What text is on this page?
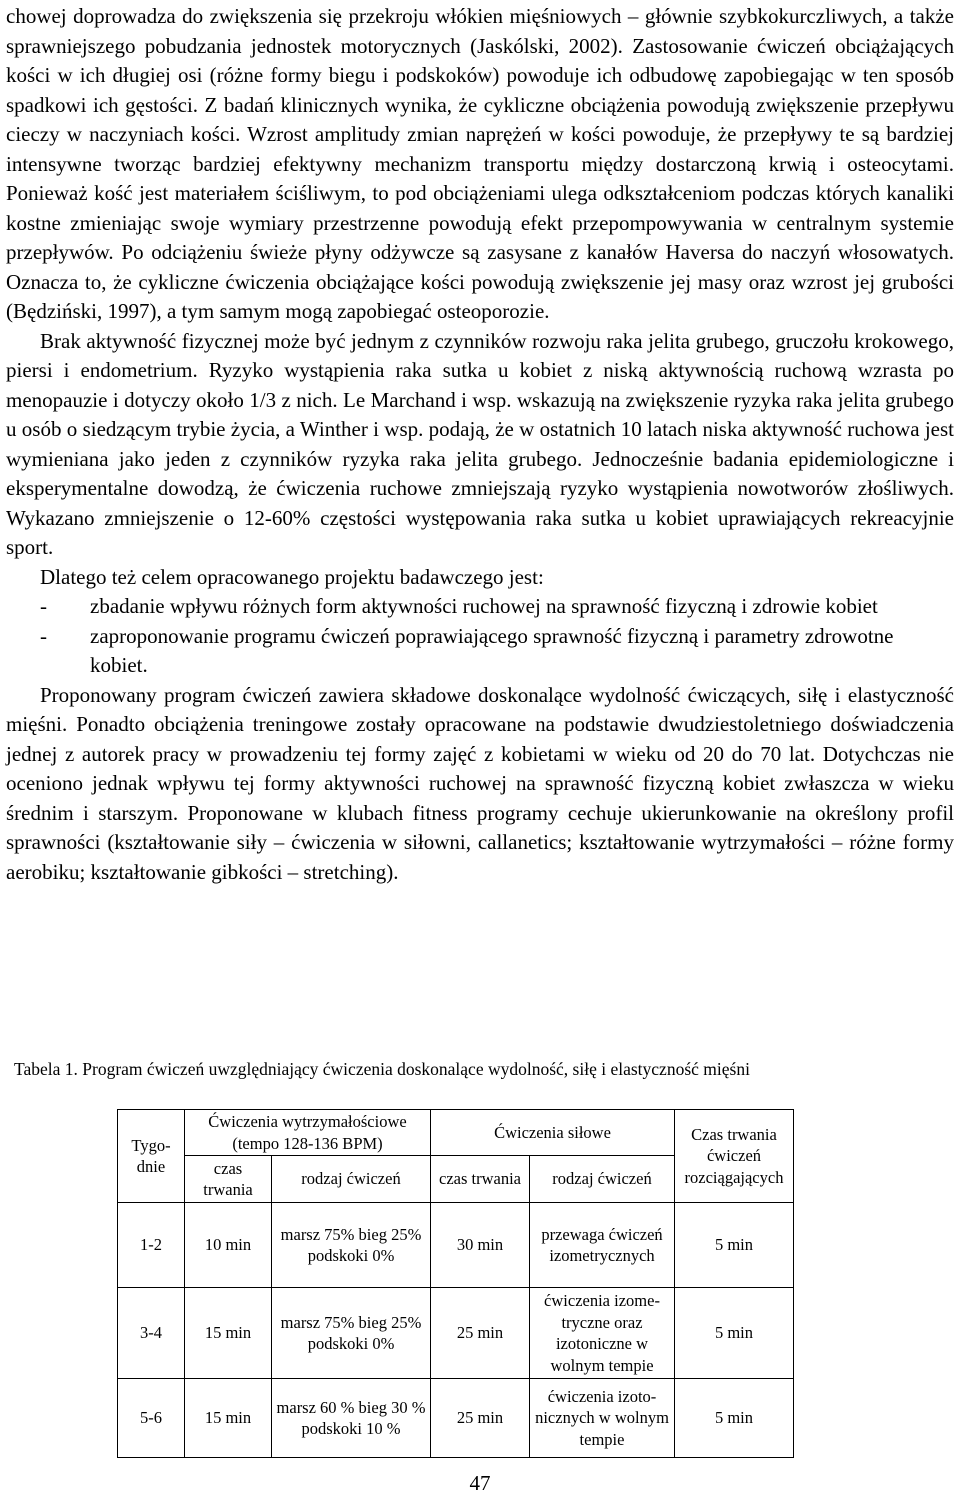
chowej doprowadza do zwiększenia się przekroju włókien mięśniowych – głównie szybkokurczliwych, a także sprawniejszego pobudzania jednostek motorycznych (Jaskólski, 2002). Zastosowanie ćwiczeń obciążających kości w ich długiej osi (różne formy biegu i podskoków) powoduje ich odbudowę zapobiegając w ten sposób spadkowi ich gęstości. Z badań klinicznych wynika, że cykliczne obciążenia powodują zwiększenie przepływu cieczy w naczyniach kości. Wzrost amplitudy zmian naprężeń w kości powoduje, że przepływy te są bardziej intensywne tworząc bardziej efektywny mechanizm transportu między dostarczoną krwią i osteocytami. Ponieważ kość jest materiałem ściśliwym, to pod obciążeniami ulega odkształceniom podczas których kanaliki kostne zmieniając swoje wymiary przestrzenne powodują efekt przepompowywania w centralnym systemie przepływów. Po odciążeniu świeże płyny odżywcze są zasysane z kanałów Haversa do naczyń włosowatych. Oznacza to, że cykliczne ćwiczenia obciążające kości powodują zwiększenie jej masy oraz wzrost jej grubości (Będziński, 1997), a tym samym mogą zapobiegać osteoporozie.

Brak aktywność fizycznej może być jednym z czynników rozwoju raka jelita grubego, gruczołu krokowego, piersi i endometrium. Ryzyko wystąpienia raka sutka u kobiet z niską aktywnością ruchową wzrasta po menopauzie i dotyczy około 1/3 z nich. Le Marchand i wsp. wskazują na zwiększenie ryzyka raka jelita grubego u osób o siedzącym trybie życia, a Winther i wsp. podają, że w ostatnich 10 latach niska aktywność ruchowa jest wymieniana jako jeden z czynników ryzyka raka jelita grubego. Jednocześnie badania epidemiologiczne i eksperymentalne dowodzą, że ćwiczenia ruchowe zmniejszają ryzyko wystąpienia nowotworów złośliwych. Wykazano zmniejszenie o 12-60% częstości występowania raka sutka u kobiet uprawiających rekreacyjnie sport.

Dlatego też celem opracowanego projektu badawczego jest:

- zbadanie wpływu różnych form aktywności ruchowej na sprawność fizyczną i zdrowie kobiet
- zaproponowanie programu ćwiczeń poprawiającego sprawność fizyczną i parametry zdrowotne kobiet.

Proponowany program ćwiczeń zawiera składowe doskonalące wydolność ćwiczących, siłę i elastyczność mięśni. Ponadto obciążenia treningowe zostały opracowane na podstawie dwudziestoletniego doświadczenia jednej z autorek pracy w prowadzeniu tej formy zajęć z kobietami w wieku od 20 do 70 lat. Dotychczas nie oceniono jednak wpływu tej formy aktywności ruchowej na sprawność fizyczną kobiet zwłaszcza w wieku średnim i starszym. Proponowane w klubach fitness programy cechuje ukierunkowanie na określony profil sprawności (kształtowanie siły – ćwiczenia w siłowni, callanetics; kształtowanie wytrzymałości – różne formy aerobiku; kształtowanie gibkości – stretching).

Tabela 1. Program ćwiczeń uwzględniający ćwiczenia doskonalące wydolność, siłę i elastyczność mięśni
Tygodnie	Ćwiczenia wytrzymałościowe (tempo 128-136 BPM)		Ćwiczenia siłowe		Czas trwania ćwiczeń rozciągających
	czas trwania	rodzaj ćwiczeń	czas trwania	rodzaj ćwiczeń	
1-2	10 min	marsz 75% bieg 25% podskoki 0%	30 min	przewaga ćwiczeń izometrycznych	5 min
3-4	15 min	marsz 75% bieg 25% podskoki 0%	25 min	ćwiczenia izometryczne oraz izotoniczne w wolnym tempie	5 min
5-6	15 min	marsz 60 % bieg 30 % podskoki 10 %	25 min	ćwiczenia izotonicznych w wolnym tempie	5 min
47
